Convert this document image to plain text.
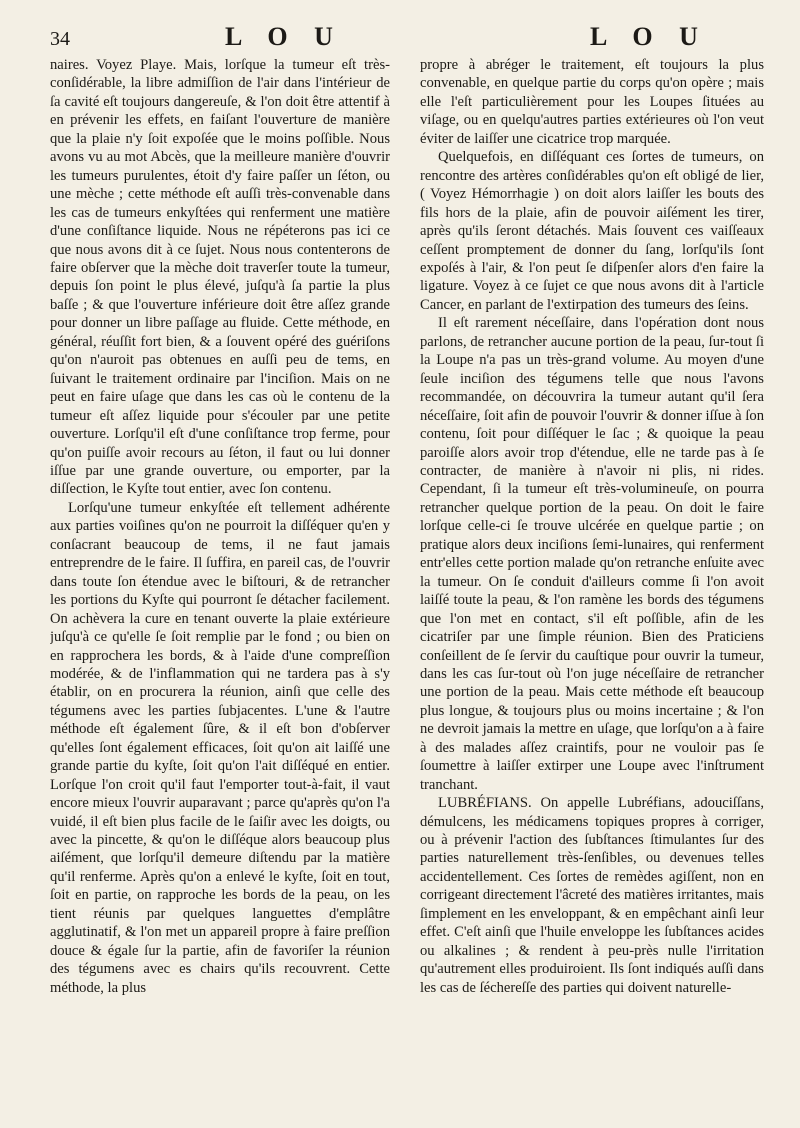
34	L O U	L O U

naires. Voyez Playe. Mais, lorſque la tumeur eſt très-conſidérable, la libre admiſſion de l'air dans l'intérieur de ſa cavité eſt toujours dangereuſe, & l'on doit être attentif à en prévenir les effets, en faiſant l'ouverture de manière que la plaie n'y ſoit expoſée que le moins poſſible. Nous avons vu au mot Abcès, que la meilleure manière d'ouvrir les tumeurs purulentes, étoit d'y faire paſſer un ſéton, ou une mèche ; cette méthode eſt auſſi très-convenable dans les cas de tumeurs enkyſtées qui renferment une matière d'une conſiſtance liquide. Nous ne répéterons pas ici ce que nous avons dit à ce ſujet. Nous nous contenterons de faire obſerver que la mèche doit traverſer toute la tumeur, depuis ſon point le plus élevé, juſqu'à ſa partie la plus baſſe ; & que l'ouverture inférieure doit être aſſez grande pour donner un libre paſſage au fluide. Cette méthode, en général, réuſſit fort bien, & a ſouvent opéré des guériſons qu'on n'auroit pas obtenues en auſſi peu de tems, en ſuivant le traitement ordinaire par l'inciſion. Mais on ne peut en faire uſage que dans les cas où le contenu de la tumeur eſt aſſez liquide pour s'écouler par une petite ouverture. Lorſqu'il eſt d'une conſiſtance trop ferme, pour qu'on puiſſe avoir recours au ſéton, il faut ou lui donner iſſue par une grande ouverture, ou emporter, par la diſſection, le Kyſte tout entier, avec ſon contenu.

Lorſqu'une tumeur enkyſtée eſt tellement adhérente aux parties voiſines qu'on ne pourroit la diſſéquer qu'en y conſacrant beaucoup de tems, il ne faut jamais entreprendre de le faire. Il ſuffira, en pareil cas, de l'ouvrir dans toute ſon étendue avec le biſtouri, & de retrancher les portions du Kyſte qui pourront ſe détacher facilement. On achèvera la cure en tenant ouverte la plaie extérieure juſqu'à ce qu'elle ſe ſoit remplie par le fond ; ou bien on en rapprochera les bords, & à l'aide d'une compreſſion modérée, & de l'inflammation qui ne tardera pas à s'y établir, on en procurera la réunion, ainſi que celle des tégumens avec les parties ſubjacentes. L'une & l'autre méthode eſt également ſûre, & il eſt bon d'obſerver qu'elles ſont également efficaces, ſoit qu'on ait laiſſé une grande partie du kyſte, ſoit qu'on l'ait diſſéqué en entier. Lorſque l'on croit qu'il faut l'emporter tout-à-fait, il vaut encore mieux l'ouvrir auparavant ; parce qu'après qu'on l'a vuidé, il eſt bien plus facile de le ſaiſir avec les doigts, ou avec la pincette, & qu'on le diſſéque alors beaucoup plus aiſément, que lorſqu'il demeure diſtendu par la matière qu'il renferme. Après qu'on a enlevé le kyſte, ſoit en tout, ſoit en partie, on rapproche les bords de la peau, on les tient réunis par quelques languettes d'emplâtre agglutinatif, & l'on met un appareil propre à faire preſſion douce & égale ſur la partie, afin de favoriſer la réunion des tégumens avec es chairs qu'ils recouvrent. Cette méthode, la plus

propre à abréger le traitement, eſt toujours la plus convenable, en quelque partie du corps qu'on opère ; mais elle l'eſt particulièrement pour les Loupes ſituées au viſage, ou en quelqu'autres parties extérieures où l'on veut éviter de laiſſer une cicatrice trop marquée.

Quelquefois, en diſſéquant ces ſortes de tumeurs, on rencontre des artères conſidérables qu'on eſt obligé de lier, ( Voyez Hémorrhagie ) on doit alors laiſſer les bouts des fils hors de la plaie, afin de pouvoir aiſément les tirer, après qu'ils ſeront détachés. Mais ſouvent ces vaiſſeaux ceſſent promptement de donner du ſang, lorſqu'ils ſont expoſés à l'air, & l'on peut ſe diſpenſer alors d'en faire la ligature. Voyez à ce ſujet ce que nous avons dit à l'article Cancer, en parlant de l'extirpation des tumeurs des ſeins.

Il eſt rarement néceſſaire, dans l'opération dont nous parlons, de retrancher aucune portion de la peau, ſur-tout ſi la Loupe n'a pas un très-grand volume. Au moyen d'une ſeule inciſion des tégumens telle que nous l'avons recommandée, on découvrira la tumeur autant qu'il ſera néceſſaire, ſoit afin de pouvoir l'ouvrir & donner iſſue à ſon contenu, ſoit pour diſſéquer le ſac ; & quoique la peau paroiſſe alors avoir trop d'étendue, elle ne tarde pas à ſe contracter, de manière à n'avoir ni plis, ni rides. Cependant, ſi la tumeur eſt très-volumineuſe, on pourra retrancher quelque portion de la peau. On doit le faire lorſque celle-ci ſe trouve ulcérée en quelque partie ; on pratique alors deux inciſions ſemi-lunaires, qui renferment entr'elles cette portion malade qu'on retranche enſuite avec la tumeur. On ſe conduit d'ailleurs comme ſi l'on avoit laiſſé toute la peau, & l'on ramène les bords des tégumens que l'on met en contact, s'il eſt poſſible, afin de les cicatriſer par une ſimple réunion. Bien des Praticiens conſeillent de ſe ſervir du cauſtique pour ouvrir la tumeur, dans les cas ſur-tout où l'on juge néceſſaire de retrancher une portion de la peau. Mais cette méthode eſt beaucoup plus longue, & toujours plus ou moins incertaine ; & l'on ne devroit jamais la mettre en uſage, que lorſqu'on a à faire à des malades aſſez craintifs, pour ne vouloir pas ſe ſoumettre à laiſſer extirper une Loupe avec l'inſtrument tranchant.

LUBRÉFIANS. On appelle Lubréfians, adouciſſans, démulcens, les médicamens topiques propres à corriger, ou à prévenir l'action des ſubſtances ſtimulantes ſur des parties naturellement très-ſenſibles, ou devenues telles accidentellement. Ces ſortes de remèdes agiſſent, non en corrigeant directement l'âcreté des matières irritantes, mais ſimplement en les enveloppant, & en empêchant ainſi leur effet. C'eſt ainſi que l'huile enveloppe les ſubſtances acides ou alkalines ; & rendent à peu-près nulle l'irritation qu'autrement elles produiroient. Ils ſont indiqués auſſi dans les cas de ſéchereſſe des parties qui doivent naturelle-
